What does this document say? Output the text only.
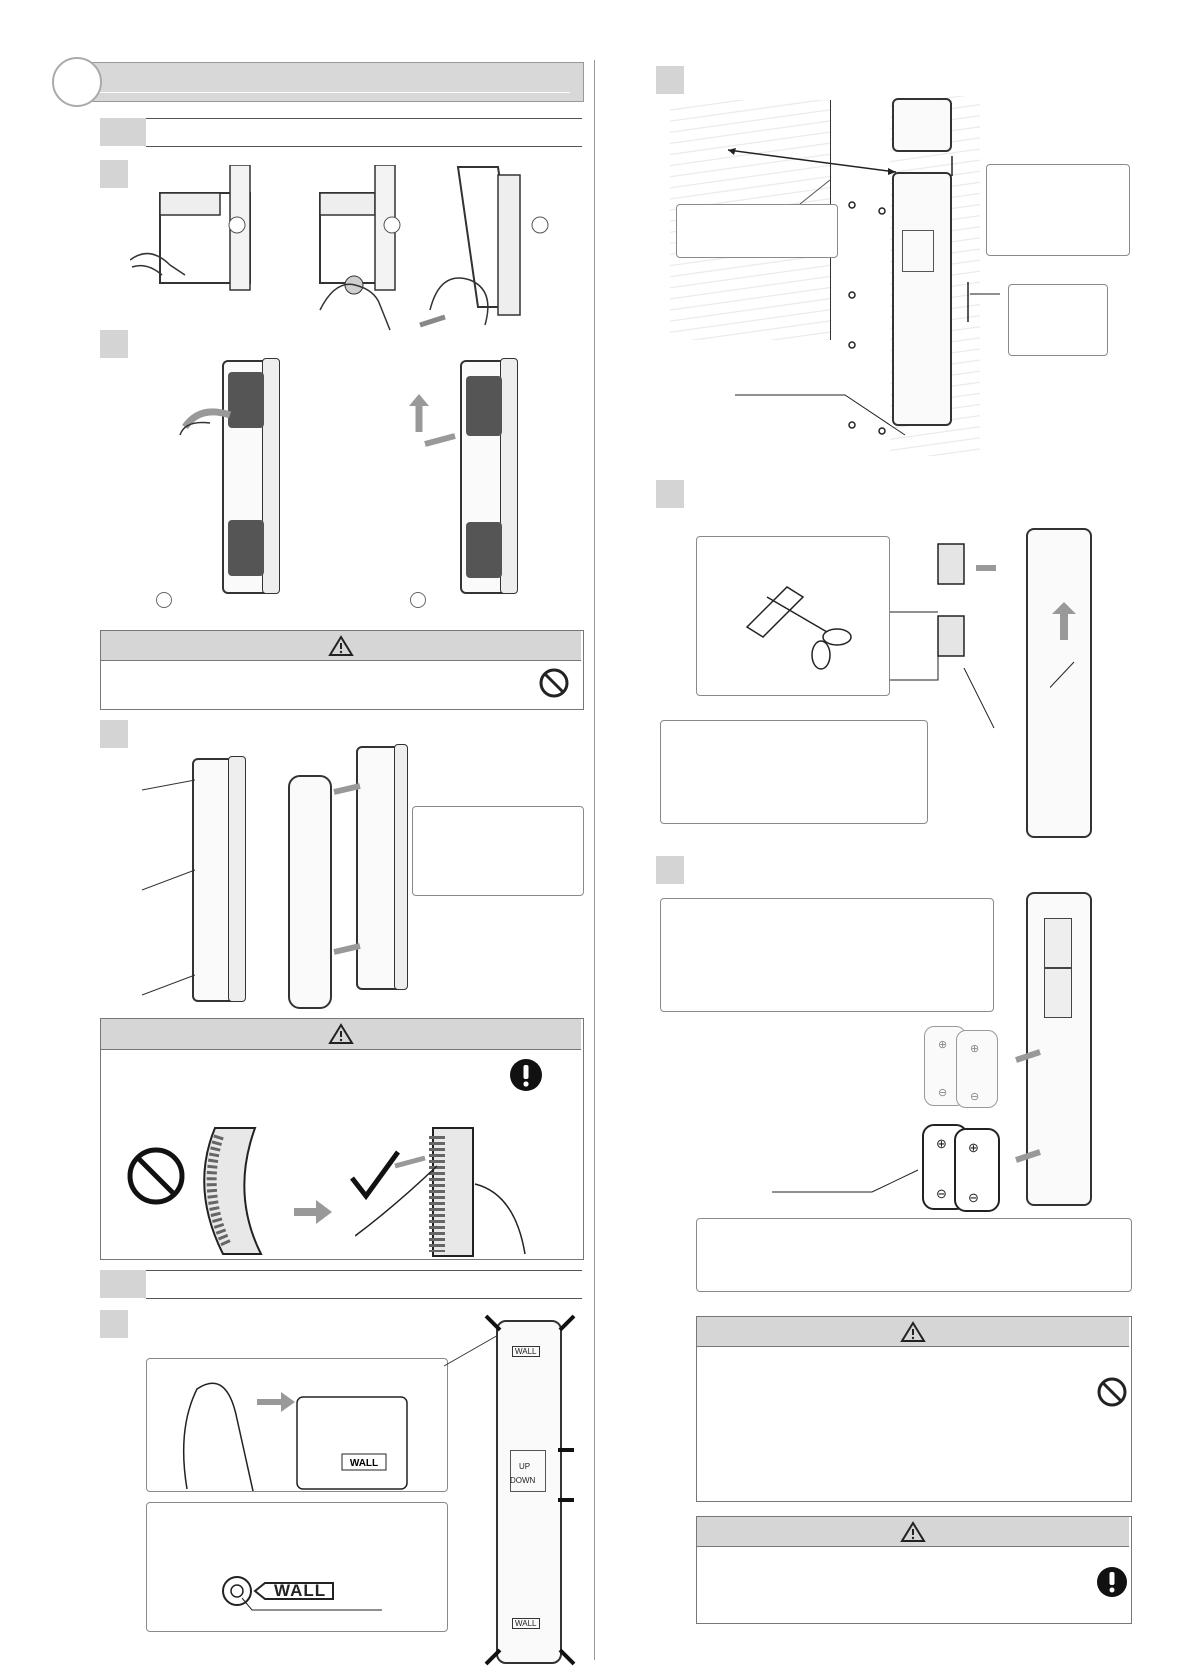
WALL
WALL
UP
DOWN
WALL
WALL
⊕ ⊕
⊖ ⊖
⊕ ⊕
⊖ ⊖
